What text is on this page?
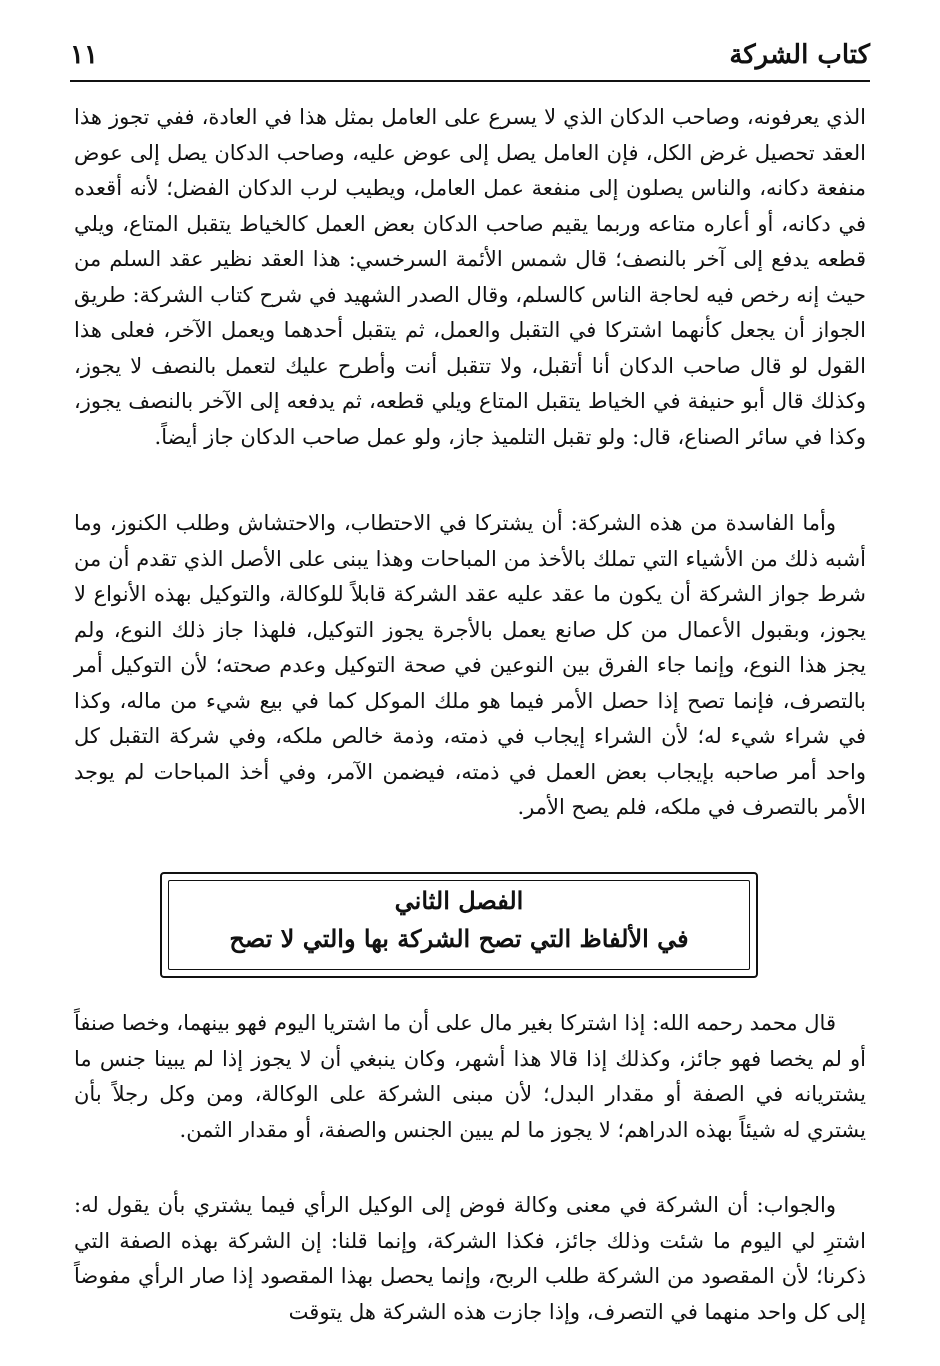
كتاب الشركة
١١

الذي يعرفونه، وصاحب الدكان الذي لا يسرع على العامل بمثل هذا في العادة، ففي تجوز هذا العقد تحصيل غرض الكل، فإن العامل يصل إلى عوض عليه، وصاحب الدكان يصل إلى عوض منفعة دكانه، والناس يصلون إلى منفعة عمل العامل، ويطيب لرب الدكان الفضل؛ لأنه أقعده في دكانه، أو أعاره متاعه وربما يقيم صاحب الدكان بعض العمل كالخياط يتقبل المتاع، ويلي قطعه يدفع إلى آخر بالنصف؛ قال شمس الأئمة السرخسي: هذا العقد نظير عقد السلم من حيث إنه رخص فيه لحاجة الناس كالسلم، وقال الصدر الشهيد في شرح كتاب الشركة: طريق الجواز أن يجعل كأنهما اشتركا في التقبل والعمل، ثم يتقبل أحدهما ويعمل الآخر، فعلى هذا القول لو قال صاحب الدكان أنا أتقبل، ولا تتقبل أنت وأطرح عليك لتعمل بالنصف لا يجوز، وكذلك قال أبو حنيفة في الخياط يتقبل المتاع ويلي قطعه، ثم يدفعه إلى الآخر بالنصف يجوز، وكذا في سائر الصناع، قال: ولو تقبل التلميذ جاز، ولو عمل صاحب الدكان جاز أيضاً.

وأما الفاسدة من هذه الشركة: أن يشتركا في الاحتطاب، والاحتشاش وطلب الكنوز، وما أشبه ذلك من الأشياء التي تملك بالأخذ من المباحات وهذا يبنى على الأصل الذي تقدم أن من شرط جواز الشركة أن يكون ما عقد عليه عقد الشركة قابلاً للوكالة، والتوكيل بهذه الأنواع لا يجوز، وبقبول الأعمال من كل صانع يعمل بالأجرة يجوز التوكيل، فلهذا جاز ذلك النوع، ولم يجز هذا النوع، وإنما جاء الفرق بين النوعين في صحة التوكيل وعدم صحته؛ لأن التوكيل أمر بالتصرف، فإنما تصح إذا حصل الأمر فيما هو ملك الموكل كما في بيع شيء من ماله، وكذا في شراء شيء له؛ لأن الشراء إيجاب في ذمته، وذمة خالص ملكه، وفي شركة التقبل كل واحد أمر صاحبه بإيجاب بعض العمل في ذمته، فيضمن الآمر، وفي أخذ المباحات لم يوجد الأمر بالتصرف في ملكه، فلم يصح الأمر.

الفصل الثاني
في الألفاظ التي تصح الشركة بها والتي لا تصح

قال محمد رحمه الله: إذا اشتركا بغير مال على أن ما اشتريا اليوم فهو بينهما، وخصا صنفاً أو لم يخصا فهو جائز، وكذلك إذا قالا هذا أشهر، وكان ينبغي أن لا يجوز إذا لم يبينا جنس ما يشتريانه في الصفة أو مقدار البدل؛ لأن مبنى الشركة على الوكالة، ومن وكل رجلاً بأن يشتري له شيئاً بهذه الدراهم؛ لا يجوز ما لم يبين الجنس والصفة، أو مقدار الثمن.

والجواب: أن الشركة في معنى وكالة فوض إلى الوكيل الرأي فيما يشتري بأن يقول له: اشترِ لي اليوم ما شئت وذلك جائز، فكذا الشركة، وإنما قلنا: إن الشركة بهذه الصفة التي ذكرنا؛ لأن المقصود من الشركة طلب الربح، وإنما يحصل بهذا المقصود إذا صار الرأي مفوضاً إلى كل واحد منهما في التصرف، وإذا جازت هذه الشركة هل يتوقت
